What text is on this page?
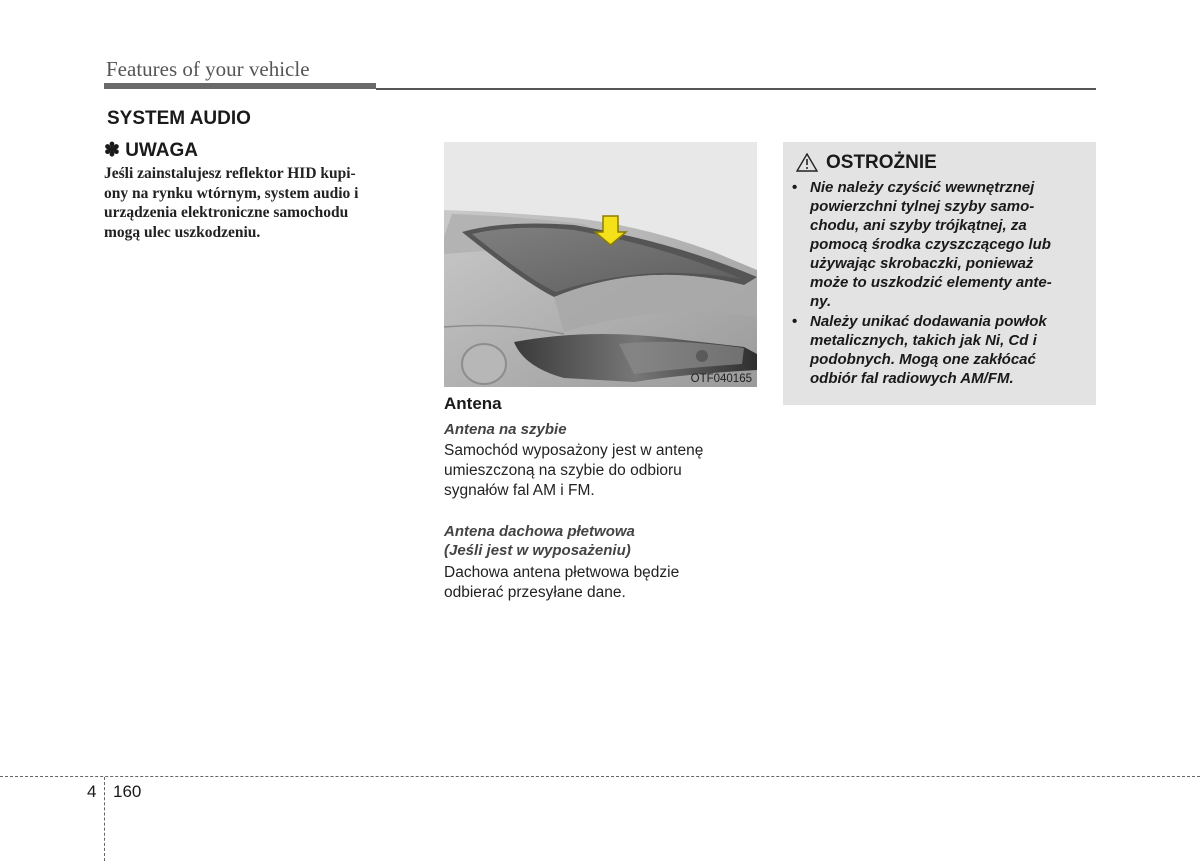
Features of your vehicle
SYSTEM AUDIO
✽ UWAGA
Jeśli zainstalujesz reflektor HID kupi-
ony na rynku wtórnym, system audio i
urządzenia elektroniczne samochodu
mogą ulec uszkodzeniu.
OTF040165
Antena
Antena na szybie
Samochód wyposażony jest w antenę
umieszczoną na szybie do odbioru
sygnałów fal AM i FM.
Antena dachowa płetwowa
(Jeśli jest w wyposażeniu)
Dachowa antena płetwowa będzie
odbierać przesyłane dane.
OSTROŻNIE
• Nie należy czyścić wewnętrznej
powierzchni tylnej szyby samo-
chodu, ani szyby trójkątnej, za
pomocą środka czyszczącego lub
używając skrobaczki, ponieważ
może to uszkodzić elementy ante-
ny.
• Należy unikać dodawania powłok
metalicznych, takich jak Ni, Cd i
podobnych. Mogą one zakłócać
odbiór fal radiowych AM/FM.
4 160
